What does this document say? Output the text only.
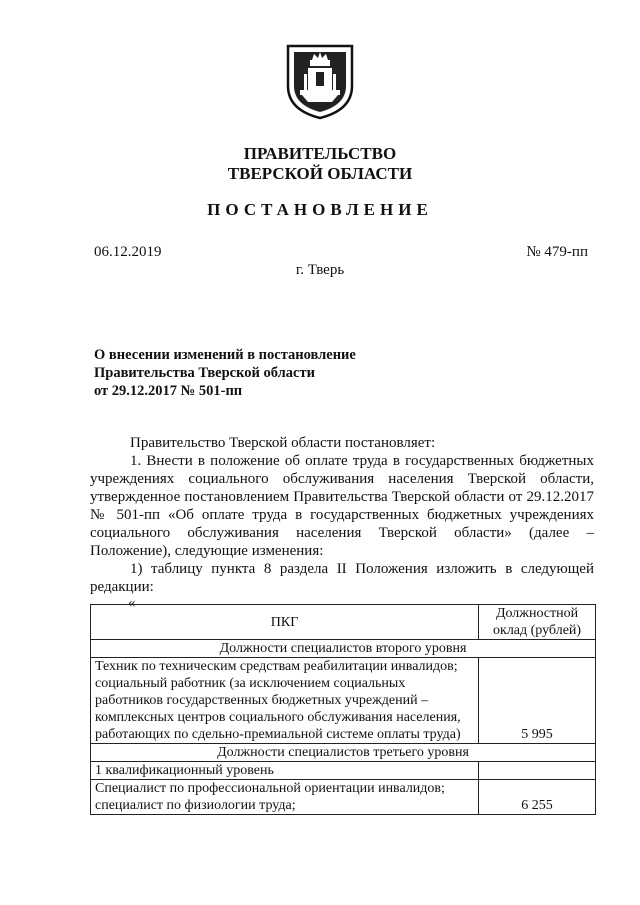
ПРАВИТЕЛЬСТВО
ТВЕРСКОЙ ОБЛАСТИ
ПОСТАНОВЛЕНИЕ
06.12.2019	№ 479-пп
г. Тверь
О внесении изменений в постановление
Правительства Тверской области
от 29.12.2017 № 501-пп

Правительство Тверской области постановляет:

1. Внести в положение об оплате труда в государственных бюджетных учреждениях социального обслуживания населения Тверской области, утвержденное постановлением Правительства Тверской области от 29.12.2017 № 501-пп «Об оплате труда в государственных бюджетных учреждениях социального обслуживания населения Тверской области» (далее – Положение), следующие изменения:

1) таблицу пункта 8 раздела II Положения изложить в следующей редакции:

«

ПКГ	Должностной оклад (рублей)
Должности специалистов второго уровня	
Техник по техническим средствам реабилитации инвалидов; социальный работник (за исключением социальных работников государственных бюджетных учреждений – комплексных центров социального обслуживания населения, работающих по сдельно-премиальной системе оплаты труда)	5 995
Должности специалистов третьего уровня	
1 квалификационный уровень	
Специалист по профессиональной ориентации инвалидов; специалист по физиологии труда;	6 255
